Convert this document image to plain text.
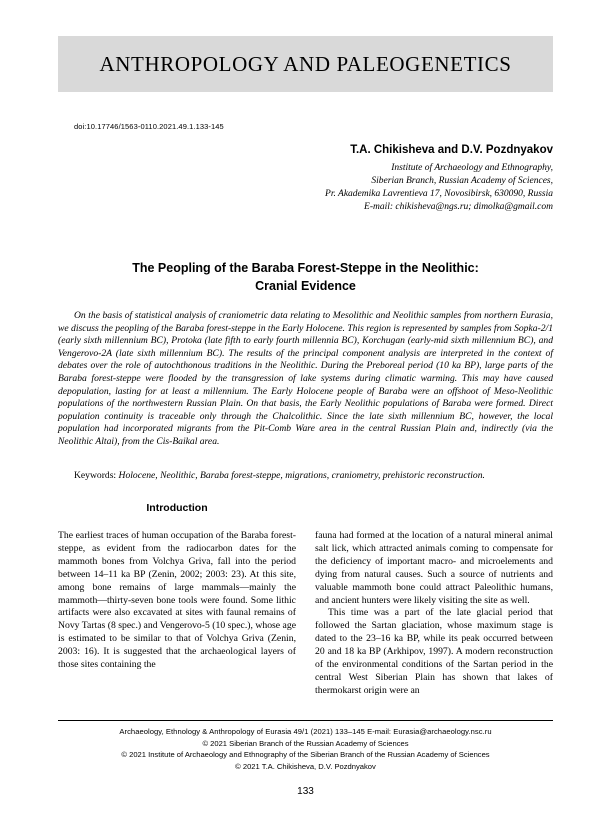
ANTHROPOLOGY AND PALEOGENETICS
doi:10.17746/1563-0110.2021.49.1.133-145
T.A. Chikisheva and D.V. Pozdnyakov
Institute of Archaeology and Ethnography,
Siberian Branch, Russian Academy of Sciences,
Pr. Akademika Lavrentieva 17, Novosibirsk, 630090, Russia
E-mail: chikisheva@ngs.ru; dimolka@gmail.com
The Peopling of the Baraba Forest-Steppe in the Neolithic:
Cranial Evidence
On the basis of statistical analysis of craniometric data relating to Mesolithic and Neolithic samples from northern Eurasia, we discuss the peopling of the Baraba forest-steppe in the Early Holocene. This region is represented by samples from Sopka-2/1 (early sixth millennium BC), Protoka (late fifth to early fourth millennia BC), Korchugan (early-mid sixth millennium BC), and Vengerovo-2A (late sixth millennium BC). The results of the principal component analysis are interpreted in the context of debates over the role of autochthonous traditions in the Neolithic. During the Preboreal period (10 ka BP), large parts of the Baraba forest-steppe were flooded by the transgression of lake systems during climatic warming. This may have caused depopulation, lasting for at least a millennium. The Early Holocene people of Baraba were an offshoot of Meso-Neolithic populations of the northwestern Russian Plain. On that basis, the Early Neolithic populations of Baraba were formed. Direct population continuity is traceable only through the Chalcolithic. Since the late sixth millennium BC, however, the local population had incorporated migrants from the Pit-Comb Ware area in the central Russian Plain and, indirectly (via the Neolithic Altai), from the Cis-Baikal area.
Keywords: Holocene, Neolithic, Baraba forest-steppe, migrations, craniometry, prehistoric reconstruction.
Introduction

The earliest traces of human occupation of the Baraba forest-steppe, as evident from the radiocarbon dates for the mammoth bones from Volchya Griva, fall into the period between 14–11 ka BP (Zenin, 2002; 2003: 23). At this site, among bone remains of large mammals—mainly the mammoth—thirty-seven bone tools were found. Some lithic artifacts were also excavated at sites with faunal remains of Novy Tartas (8 spec.) and Vengerovo-5 (10 spec.), whose age is estimated to be similar to that of Volchya Griva (Zenin, 2003: 16). It is suggested that the archaeological layers of those sites containing the

fauna had formed at the location of a natural mineral animal salt lick, which attracted animals coming to compensate for the deficiency of important macro- and microelements and dying from natural causes. Such a source of nutrients and valuable mammoth bone could attract Paleolithic humans, and ancient hunters were likely visiting the site as well.

This time was a part of the late glacial period that followed the Sartan glaciation, whose maximum stage is dated to the 23–16 ka BP, while its peak occurred between 20 and 18 ka BP (Arkhipov, 1997). A modern reconstruction of the environmental conditions of the Sartan period in the central West Siberian Plain has shown that lakes of thermokarst origin were an

Archaeology, Ethnology & Anthropology of Eurasia 49/1 (2021) 133–145 E-mail: Eurasia@archaeology.nsc.ru
© 2021 Siberian Branch of the Russian Academy of Sciences
© 2021 Institute of Archaeology and Ethnography of the Siberian Branch of the Russian Academy of Sciences
© 2021 T.A. Chikisheva, D.V. Pozdnyakov
133
